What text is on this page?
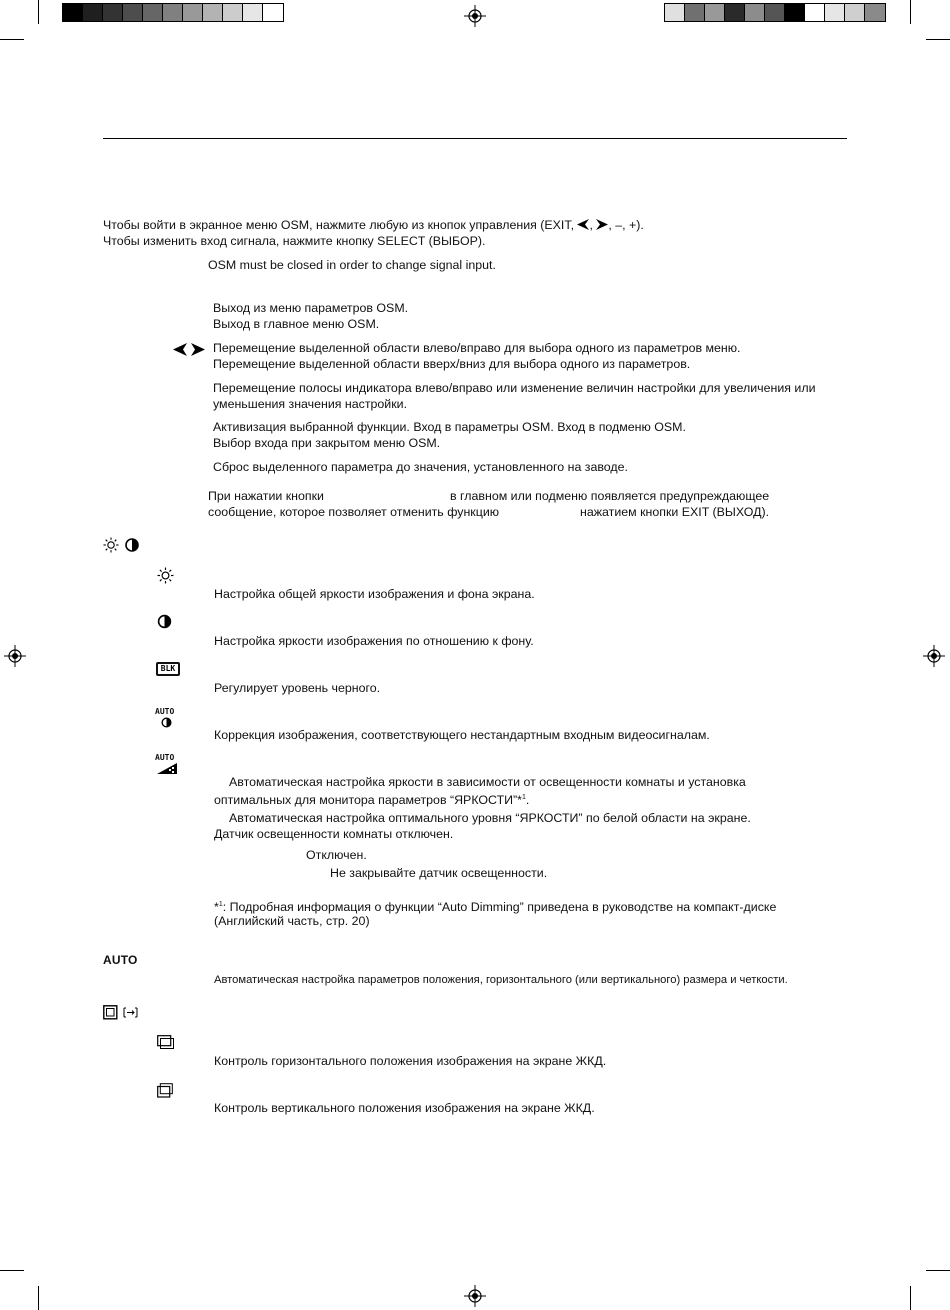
Чтобы войти в экранное меню OSM, нажмите любую из кнопок управления (EXIT, , , –, +).
Чтобы изменить вход сигнала, нажмите кнопку SELECT (ВЫБОР).
OSM must be closed in order to change signal input.
Выход из меню параметров OSM.
Выход в главное меню OSM.
Перемещение выделенной области влево/вправо для выбора одного из параметров меню.
Перемещение выделенной области вверх/вниз для выбора одного из параметров.
Перемещение полосы индикатора влево/вправо или изменение величин настройки для увеличения или
уменьшения значения настройки.
Активизация выбранной функции. Вход в параметры OSM. Вход в подменю OSM.
Выбор входа при закрытом меню OSM.
Сброс выделенного параметра до значения, установленного на заводе.
При нажатии кнопки	в главном или подменю появляется предупреждающее
сообщение, которое позволяет отменить функцию	нажатием кнопки EXIT (ВЫХОД).
Настройка общей яркости изображения и фона экрана.
Настройка яркости изображения по отношению к фону.
BLK
Регулирует уровень черного.
AUTO
Коррекция изображения, соответствующего нестандартным входным видеосигналам.
AUTO
Автоматическая настройка яркости в зависимости от освещенности комнаты и установка
оптимальных для монитора параметров “ЯРКОСТИ”*$^1$.
Автоматическая настройка оптимального уровня “ЯРКОСТИ” по белой области на экране.
Датчик освещенности комнаты отключен.
Отключен.
Не закрывайте датчик освещенности.
*$^1$: Подробная информация о функции “Auto Dimming” приведена в руководстве на компакт-диске
(Английский часть, стр. 20)
AUTO
Автоматическая настройка параметров положения, горизонтального (или вертикального) размера и четкости.
Контроль горизонтального положения изображения на экране ЖКД.
Контроль вертикального положения изображения на экране ЖКД.
